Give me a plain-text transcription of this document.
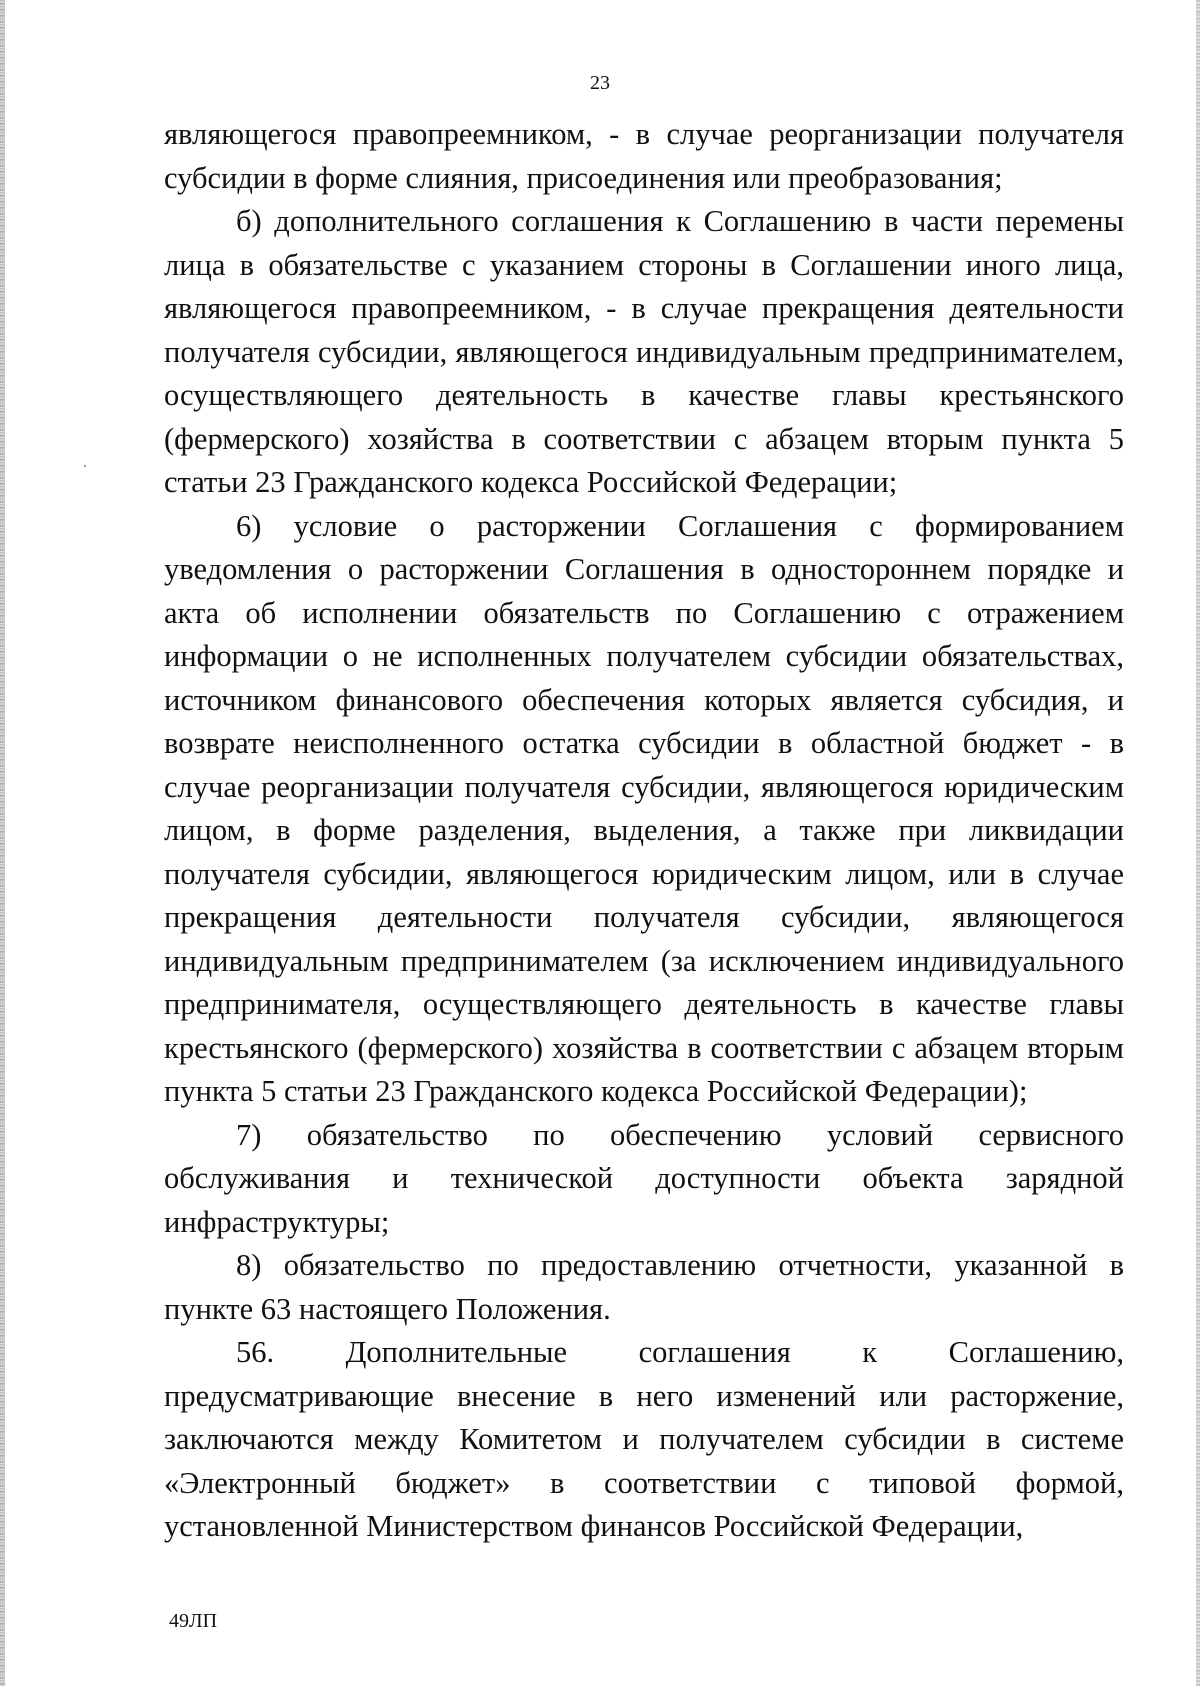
23

являющегося правопреемником, - в случае реорганизации получателя субсидии в форме слияния, присоединения или преобразования;

б) дополнительного соглашения к Соглашению в части перемены лица в обязательстве с указанием стороны в Соглашении иного лица, являющегося правопреемником, - в случае прекращения деятельности получателя субсидии, являющегося индивидуальным предпринимателем, осуществляющего деятельность в качестве главы крестьянского (фермерского) хозяйства в соответствии с абзацем вторым пункта 5 статьи 23 Гражданского кодекса Российской Федерации;

6) условие о расторжении Соглашения с формированием уведомления о расторжении Соглашения в одностороннем порядке и акта об исполнении обязательств по Соглашению с отражением информации о не исполненных получателем субсидии обязательствах, источником финансового обеспечения которых является субсидия, и возврате неисполненного остатка субсидии в областной бюджет - в случае реорганизации получателя субсидии, являющегося юридическим лицом, в форме разделения, выделения, а также при ликвидации получателя субсидии, являющегося юридическим лицом, или в случае прекращения деятельности получателя субсидии, являющегося индивидуальным предпринимателем (за исключением индивидуального предпринимателя, осуществляющего деятельность в качестве главы крестьянского (фермерского) хозяйства в соответствии с абзацем вторым пункта 5 статьи 23 Гражданского кодекса Российской Федерации);

7) обязательство по обеспечению условий сервисного обслуживания и технической доступности объекта зарядной инфраструктуры;

8) обязательство по предоставлению отчетности, указанной в пункте 63 настоящего Положения.

56. Дополнительные соглашения к Соглашению, предусматривающие внесение в него изменений или расторжение, заключаются между Комитетом и получателем субсидии в системе «Электронный бюджет» в соответствии с типовой формой, установленной Министерством финансов Российской Федерации,

49ЛП
